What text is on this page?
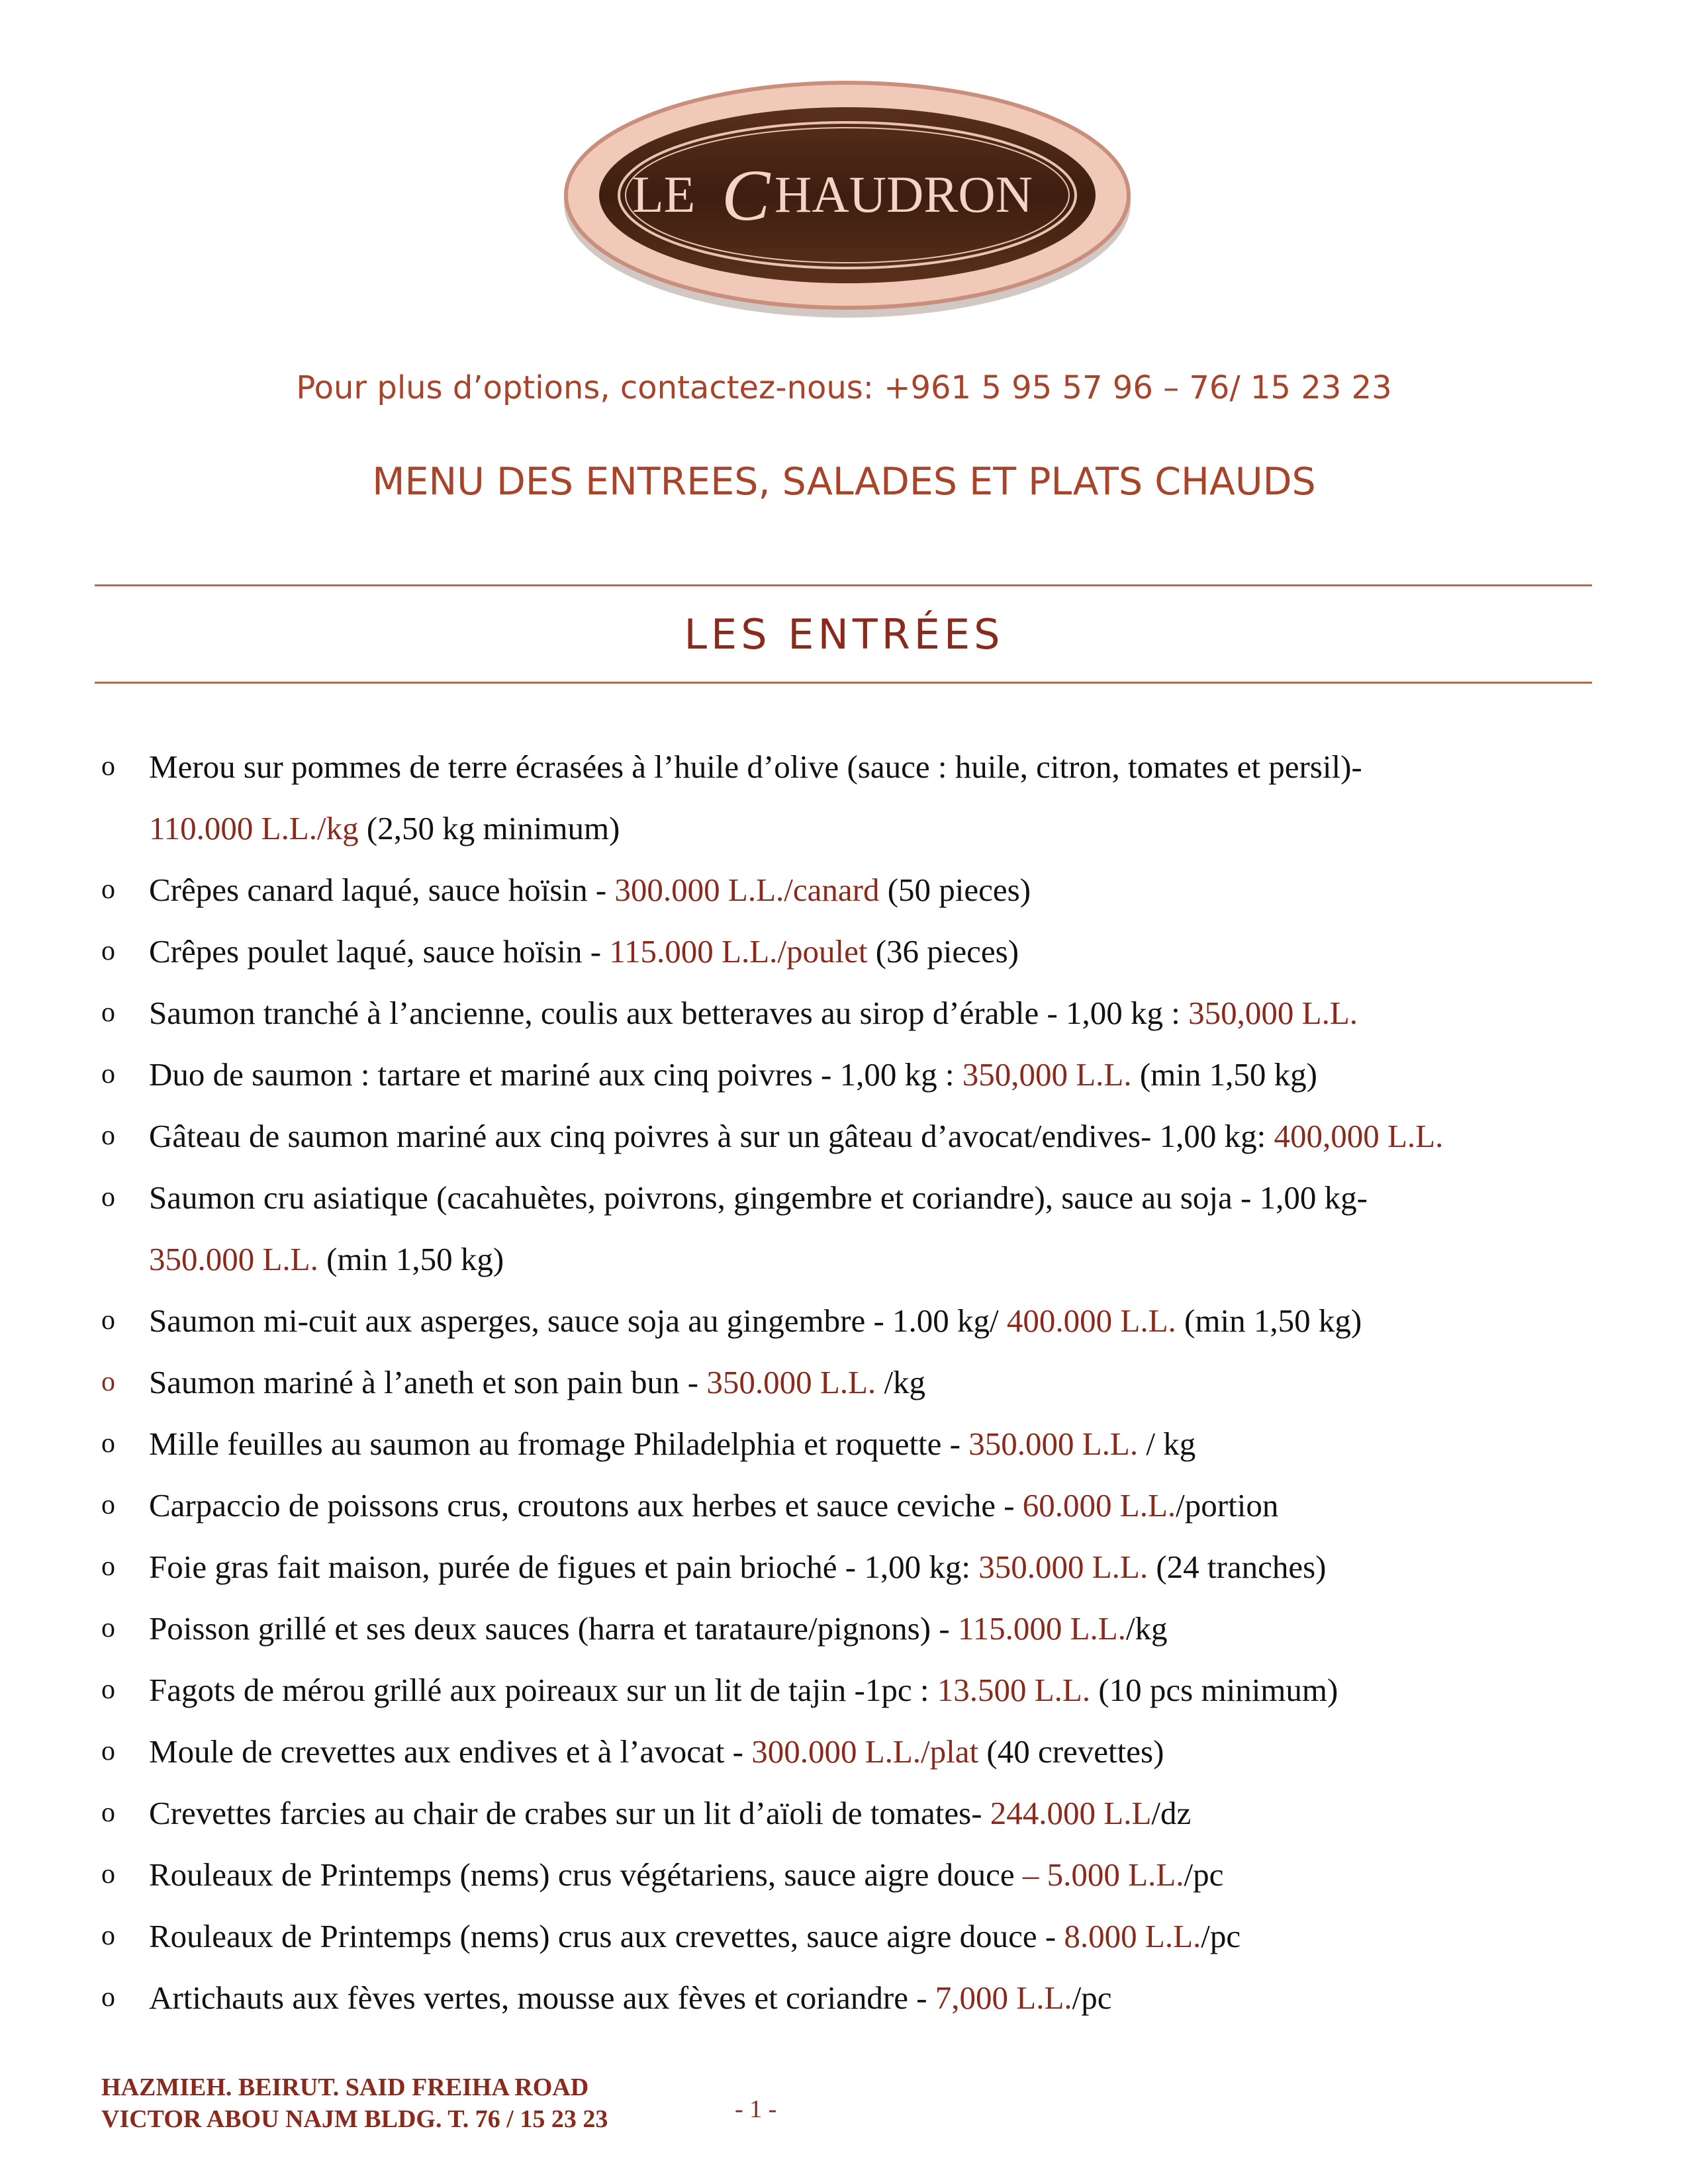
LE C HAUDRON
Pour plus d’options, contactez-nous: +961 5 95 57 96 – 76/ 15 23 23
MENU DES ENTREES, SALADES ET PLATS CHAUDS
LES ENTRÉES
o Merou sur pommes de terre écrasées à l’huile d’olive (sauce : huile, citron, tomates et persil)-
110.000 L.L./kg (2,50 kg minimum)
o Crêpes canard laqué, sauce hoïsin - 300.000 L.L./canard (50 pieces)
o Crêpes poulet laqué, sauce hoïsin - 115.000 L.L./poulet (36 pieces)
o Saumon tranché à l’ancienne, coulis aux betteraves au sirop d’érable - 1,00 kg : 350,000 L.L.
o Duo de saumon : tartare et mariné aux cinq poivres - 1,00 kg : 350,000 L.L. (min 1,50 kg)
o Gâteau de saumon mariné aux cinq poivres à sur un gâteau d’avocat/endives- 1,00 kg: 400,000 L.L.
o Saumon cru asiatique (cacahuètes, poivrons, gingembre et coriandre), sauce au soja - 1,00 kg-
350.000 L.L. (min 1,50 kg)
o Saumon mi-cuit aux asperges, sauce soja au gingembre - 1.00 kg/ 400.000 L.L. (min 1,50 kg)
o Saumon mariné à l’aneth et son pain bun - 350.000 L.L. /kg
o Mille feuilles au saumon au fromage Philadelphia et roquette - 350.000 L.L. / kg
o Carpaccio de poissons crus, croutons aux herbes et sauce ceviche - 60.000 L.L./portion
o Foie gras fait maison, purée de figues et pain brioché - 1,00 kg: 350.000 L.L. (24 tranches)
o Poisson grillé et ses deux sauces (harra et tarataure/pignons) - 115.000 L.L./kg
o Fagots de mérou grillé aux poireaux sur un lit de tajin -1pc : 13.500 L.L. (10 pcs minimum)
o Moule de crevettes aux endives et à l’avocat - 300.000 L.L./plat (40 crevettes)
o Crevettes farcies au chair de crabes sur un lit d’aïoli de tomates- 244.000 L.L/dz
o Rouleaux de Printemps (nems) crus végétariens, sauce aigre douce – 5.000 L.L./pc
o Rouleaux de Printemps (nems) crus aux crevettes, sauce aigre douce - 8.000 L.L./pc
o Artichauts aux fèves vertes, mousse aux fèves et coriandre - 7,000 L.L./pc
HAZMIEH. BEIRUT. SAID FREIHA ROAD
VICTOR ABOU NAJM BLDG. T. 76 / 15 23 23	- 1 -
